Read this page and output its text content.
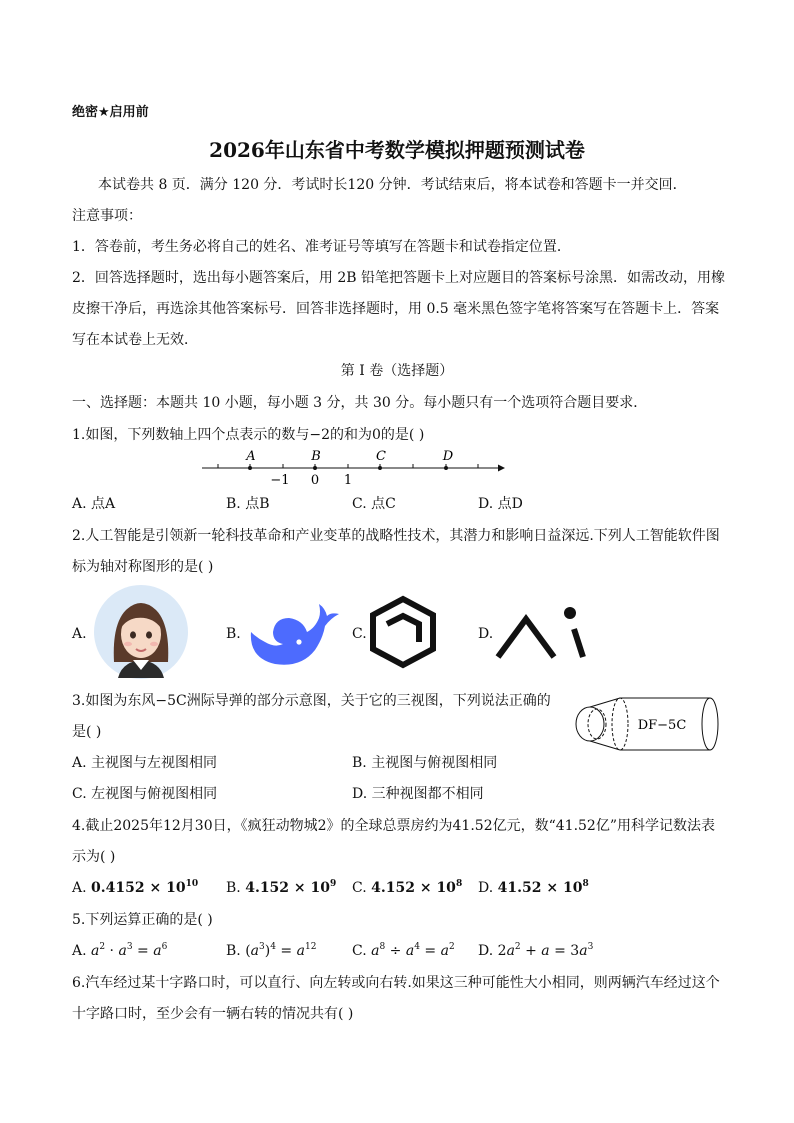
绝密★启用前
2026年山东省中考数学模拟押题预测试卷
本试卷共 8 页．满分 120 分．考试时长120 分钟．考试结束后，将本试卷和答题卡一并交回．
注意事项：
1．答卷前，考生务必将自己的姓名、准考证号等填写在答题卡和试卷指定位置．
2．回答选择题时，选出每小题答案后，用 2B 铅笔把答题卡上对应题目的答案标号涂黑．如需改动，用橡
皮擦干净后，再选涂其他答案标号．回答非选择题时，用 0.5 毫米黑色签字笔将答案写在答题卡上．答案
写在本试卷上无效．
第 I 卷（选择题）
一、选择题：本题共 10 小题，每小题 3 分，共 30 分。每小题只有一个选项符合题目要求．
1.如图，下列数轴上四个点表示的数与−2的和为0的是( )
A	B	C	D
−1 0 1
A. 点A	B. 点B	C. 点C	D. 点D
2.人工智能是引领新一轮科技革命和产业变革的战略性技术，其潜力和影响日益深远.下列人工智能软件图
标为轴对称图形的是( )
A.	B.	C.	D.
3.如图为东风−5C洲际导弹的部分示意图，关于它的三视图，下列说法正确的
是( )	DF−5C
A. 主视图与左视图相同	B. 主视图与俯视图相同
C. 左视图与俯视图相同	D. 三种视图都不相同
4.截止2025年12月30日，《疯狂动物城2》的全球总票房约为41.52亿元，数“41.52亿”用科学记数法表
示为( )
A. $0.4152 \times 10^{10}$ B. $4.152 \times 10^9$ C. $4.152 \times 10^8$ D. $41.52 \times 10^8$
5.下列运算正确的是( )
A. $a^2 \cdot a^3 = a^6$	B. $(a^3)^4 = a^{12}$	C. $a^8 \div a^4 = a^2$ D. $2a^2 + a = 3a^3$
6.汽车经过某十字路口时，可以直行、向左转或向右转.如果这三种可能性大小相同，则两辆汽车经过这个
十字路口时，至少会有一辆右转的情况共有( )
